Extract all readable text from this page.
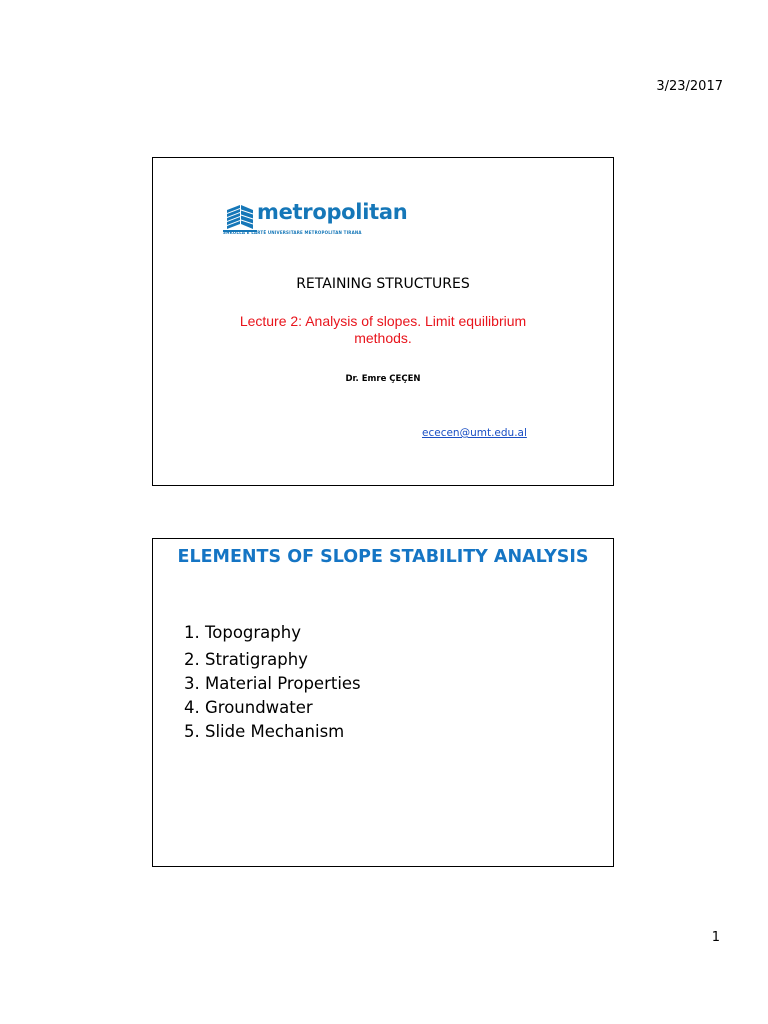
3/23/2017
metropolitan
SHKOLLA E LARTË UNIVERSITARE METROPOLITAN TIRANA
RETAINING STRUCTURES
Lecture 2: Analysis of slopes. Limit equilibrium methods.
Dr. Emre ÇEÇEN
ececen@umt.edu.al
ELEMENTS OF SLOPE STABILITY ANALYSIS
1. Topography
2. Stratigraphy
3. Material Properties
4. Groundwater
5. Slide Mechanism
1
